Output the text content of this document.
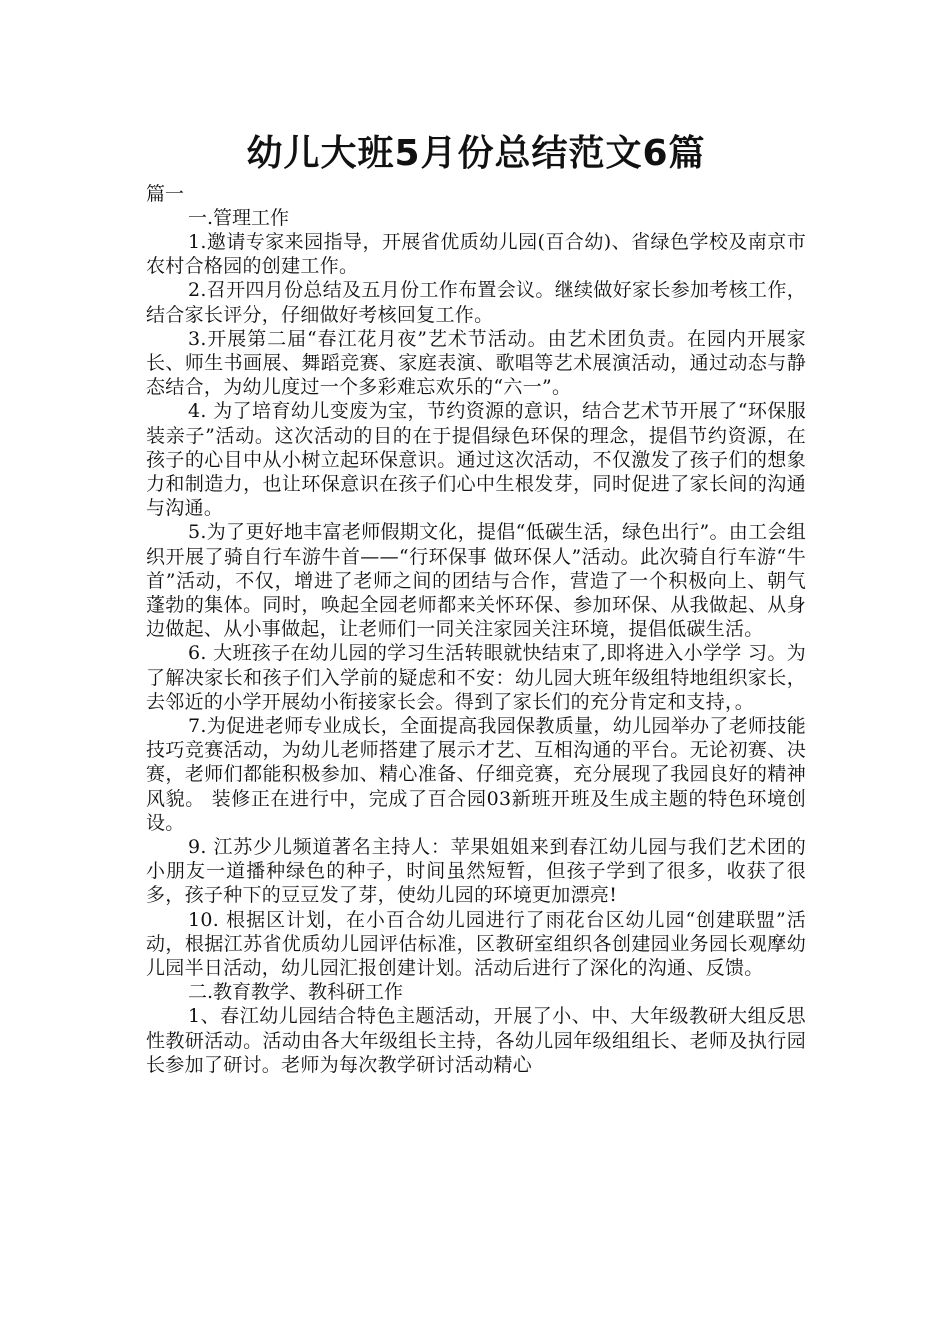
幼儿大班5月份总结范文6篇

篇一

一.管理工作

1.邀请专家来园指导，开展省优质幼儿园(百合幼)、省绿色学校及南京市农村合格园的创建工作。

2.召开四月份总结及五月份工作布置会议。继续做好家长参加考核工作，结合家长评分，仔细做好考核回复工作。

3.开展第二届“春江花月夜”艺术节活动。由艺术团负责。在园内开展家长、师生书画展、舞蹈竞赛、家庭表演、歌唱等艺术展演活动，通过动态与静态结合，为幼儿度过一个多彩难忘欢乐的“六一”。

4. 为了培育幼儿变废为宝，节约资源的意识，结合艺术节开展了“环保服装亲子”活动。这次活动的目的在于提倡绿色环保的理念，提倡节约资源，在孩子的心目中从小树立起环保意识。通过这次活动，不仅激发了孩子们的想象力和制造力，也让环保意识在孩子们心中生根发芽，同时促进了家长间的沟通与沟通。

5.为了更好地丰富老师假期文化，提倡“低碳生活，绿色出行”。由工会组织开展了骑自行车游牛首——“行环保事 做环保人”活动。此次骑自行车游“牛首”活动，不仅，增进了老师之间的团结与合作，营造了一个积极向上、朝气蓬勃的集体。同时，唤起全园老师都来关怀环保、参加环保、从我做起、从身边做起、从小事做起，让老师们一同关注家园关注环境，提倡低碳生活。

6. 大班孩子在幼儿园的学习生活转眼就快结束了,即将进入小学学 习。为了解决家长和孩子们入学前的疑虑和不安：幼儿园大班年级组特地组织家长，去邻近的小学开展幼小衔接家长会。得到了家长们的充分肯定和支持，。

7.为促进老师专业成长，全面提高我园保教质量，幼儿园举办了老师技能技巧竞赛活动，为幼儿老师搭建了展示才艺、互相沟通的平台。无论初赛、决赛，老师们都能积极参加、精心准备、仔细竞赛，充分展现了我园良好的精神风貌。 装修正在进行中，完成了百合园03新班开班及生成主题的特色环境创设。

9. 江苏少儿频道著名主持人：苹果姐姐来到春江幼儿园与我们艺术团的小朋友一道播种绿色的种子，时间虽然短暂，但孩子学到了很多，收获了很多，孩子种下的豆豆发了芽，使幼儿园的环境更加漂亮!

10. 根据区计划，在小百合幼儿园进行了雨花台区幼儿园“创建联盟”活动，根据江苏省优质幼儿园评估标准，区教研室组织各创建园业务园长观摩幼儿园半日活动，幼儿园汇报创建计划。活动后进行了深化的沟通、反馈。

二.教育教学、教科研工作

1、春江幼儿园结合特色主题活动，开展了小、中、大年级教研大组反思性教研活动。活动由各大年级组长主持，各幼儿园年级组组长、老师及执行园长参加了研讨。老师为每次教学研讨活动精心
